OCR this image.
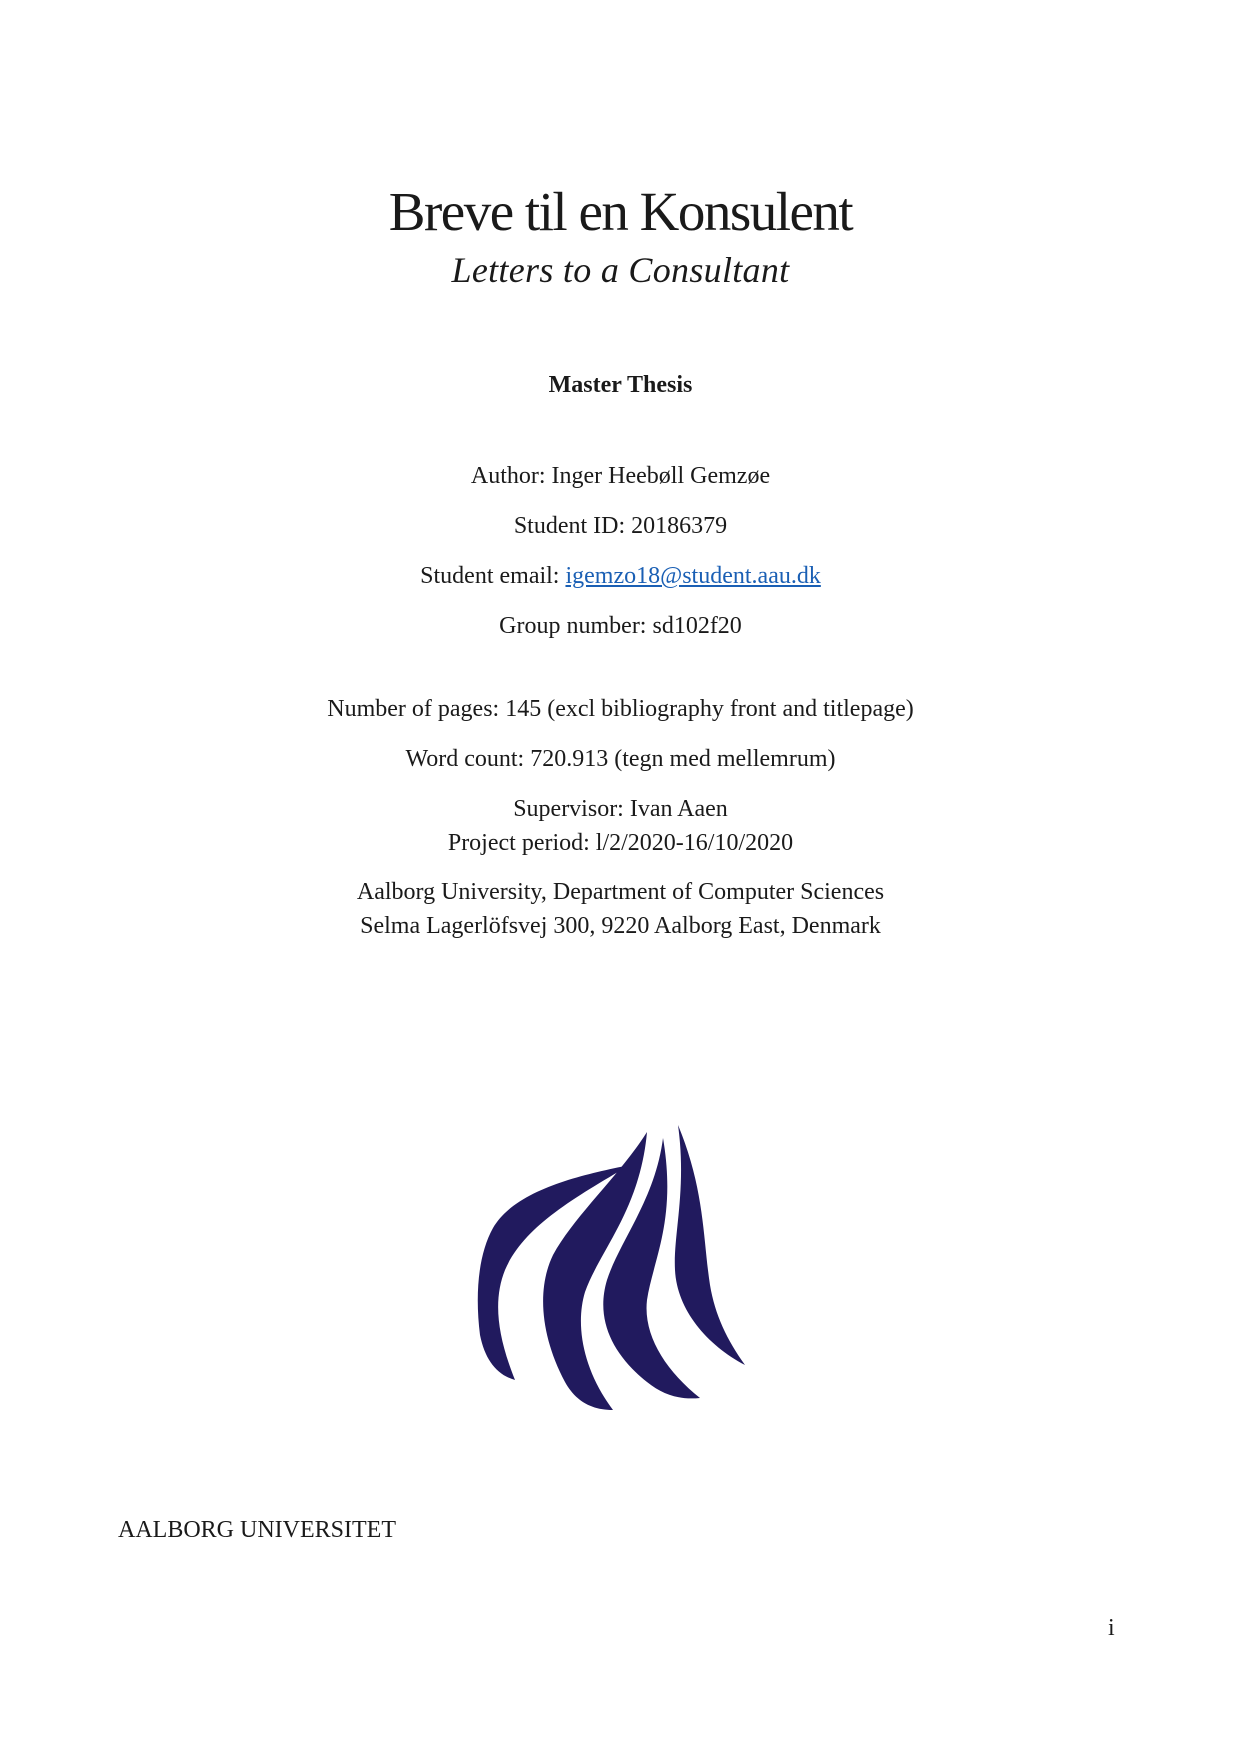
Breve til en Konsulent
Letters to a Consultant
Master Thesis
Author: Inger Heebøll Gemzøe
Student ID: 20186379
Student email: igemzo18@student.aau.dk
Group number: sd102f20
Number of pages: 145 (excl bibliography front and titlepage)
Word count: 720.913 (tegn med mellemrum)
Supervisor: Ivan Aaen
Project period: l/2/2020-16/10/2020
Aalborg University, Department of Computer Sciences
Selma Lagerlöfsvej 300, 9220 Aalborg East, Denmark
AALBORG UNIVERSITET
i
